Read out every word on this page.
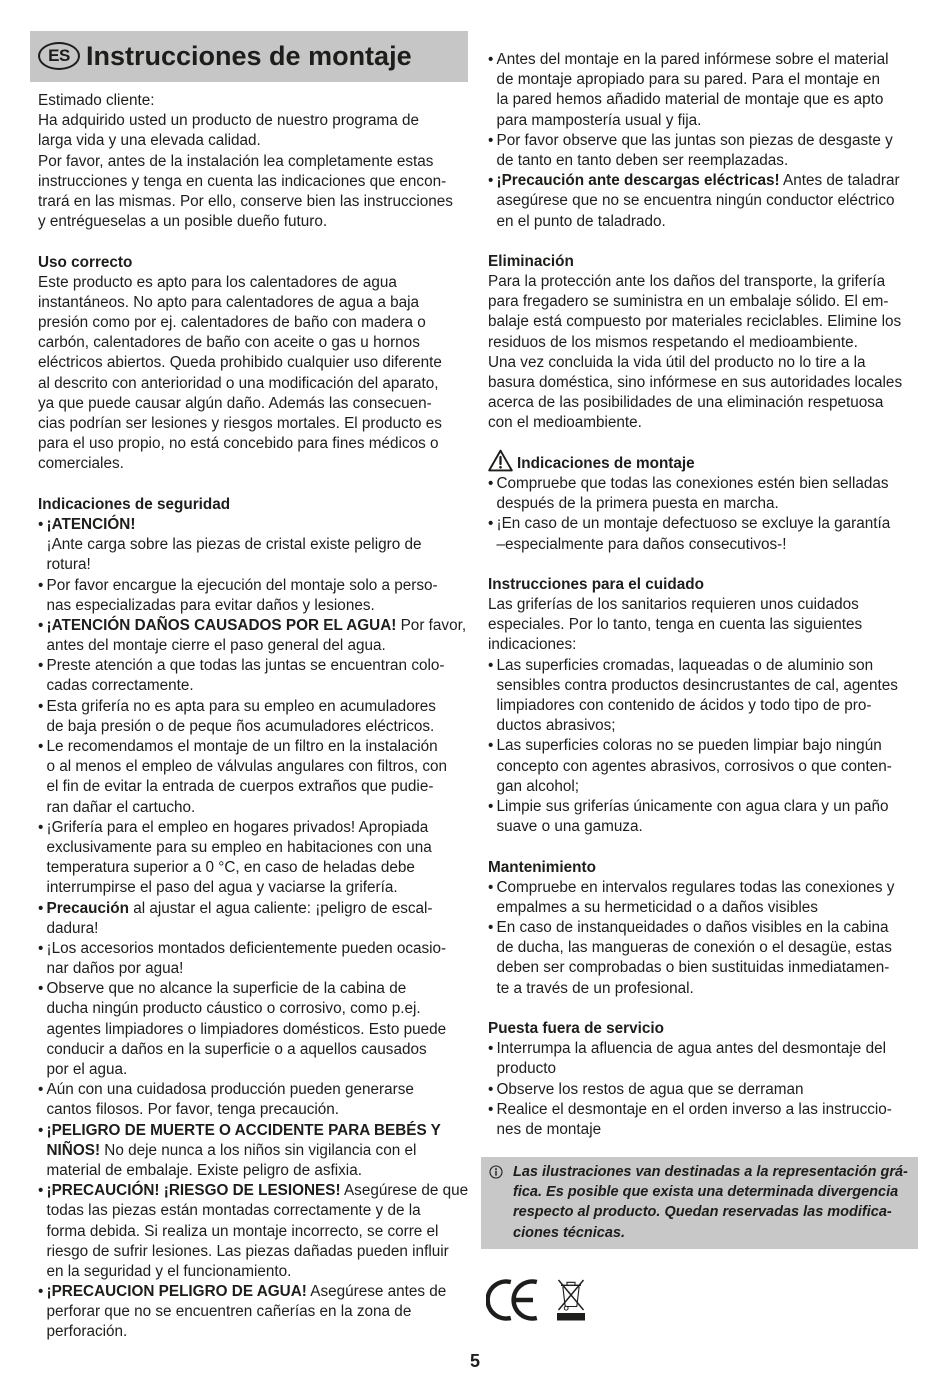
ES Instrucciones de montaje
Estimado cliente:
Ha adquirido usted un producto de nuestro programa de
larga vida y una elevada calidad.
Por favor, antes de la instalación lea completamente estas
instrucciones y tenga en cuenta las indicaciones que encon-
trará en las mismas. Por ello, conserve bien las instrucciones
y entrégueselas a un posible dueño futuro.
Uso correcto
Este producto es apto para los calentadores de agua
instantáneos. No apto para calentadores de agua a baja
presión como por ej. calentadores de baño con madera o
carbón, calentadores de baño con aceite o gas u hornos
eléctricos abiertos. Queda prohibido cualquier uso diferente
al descrito con anterioridad o una modificación del aparato,
ya que puede causar algún daño. Además las consecuen-
cias podrían ser lesiones y riesgos mortales. El producto es
para el uso propio, no está concebido para fines médicos o
comerciales.
Indicaciones de seguridad
• ¡ATENCIÓN!
¡Ante carga sobre las piezas de cristal existe peligro de
rotura!
• Por favor encargue la ejecución del montaje solo a perso-
nas especializadas para evitar daños y lesiones.
• ¡ATENCIÓN DAÑOS CAUSADOS POR EL AGUA! Por favor,
antes del montaje cierre el paso general del agua.
• Preste atención a que todas las juntas se encuentran colo-
cadas correctamente.
• Esta grifería no es apta para su empleo en acumuladores
de baja presión o de peque ños acumuladores eléctricos.
• Le recomendamos el montaje de un filtro en la instalación
o al menos el empleo de válvulas angulares con filtros, con
el fin de evitar la entrada de cuerpos extraños que pudie-
ran dañar el cartucho.
• ¡Grifería para el empleo en hogares privados! Apropiada
exclusivamente para su empleo en habitaciones con una
temperatura superior a 0 °C, en caso de heladas debe
interrumpirse el paso del agua y vaciarse la grifería.
• Precaución al ajustar el agua caliente: ¡peligro de escal-
dadura!
• ¡Los accesorios montados deficientemente pueden ocasio-
nar daños por agua!
• Observe que no alcance la superficie de la cabina de
ducha ningún producto cáustico o corrosivo, como p.ej.
agentes limpiadores o limpiadores domésticos. Esto puede
conducir a daños en la superficie o a aquellos causados
por el agua.
• Aún con una cuidadosa producción pueden generarse
cantos filosos. Por favor, tenga precaución.
• ¡PELIGRO DE MUERTE O ACCIDENTE PARA BEBÉS Y
NIÑOS! No deje nunca a los niños sin vigilancia con el
material de embalaje. Existe peligro de asfixia.
• ¡PRECAUCIÓN! ¡RIESGO DE LESIONES! Asegúrese de que
todas las piezas están montadas correctamente y de la
forma debida. Si realiza un montaje incorrecto, se corre el
riesgo de sufrir lesiones. Las piezas dañadas pueden influir
en la seguridad y el funcionamiento.
• ¡PRECAUCION PELIGRO DE AGUA! Asegúrese antes de
perforar que no se encuentren cañerías en la zona de
perforación.
• Antes del montaje en la pared infórmese sobre el material
de montaje apropiado para su pared. Para el montaje en
la pared hemos añadido material de montaje que es apto
para mampostería usual y fija.
• Por favor observe que las juntas son piezas de desgaste y
de tanto en tanto deben ser reemplazadas.
• ¡Precaución ante descargas eléctricas! Antes de taladrar
asegúrese que no se encuentra ningún conductor eléctrico
en el punto de taladrado.
Eliminación
Para la protección ante los daños del transporte, la grifería
para fregadero se suministra en un embalaje sólido. El em-
balaje está compuesto por materiales reciclables. Elimine los
residuos de los mismos respetando el medioambiente.
Una vez concluida la vida útil del producto no lo tire a la
basura doméstica, sino infórmese en sus autoridades locales
acerca de las posibilidades de una eliminación respetuosa
con el medioambiente.
Indicaciones de montaje
• Compruebe que todas las conexiones estén bien selladas
después de la primera puesta en marcha.
• ¡En caso de un montaje defectuoso se excluye la garantía
–especialmente para daños consecutivos-!
Instrucciones para el cuidado
Las griferías de los sanitarios requieren unos cuidados
especiales. Por lo tanto, tenga en cuenta las siguientes
indicaciones:
• Las superficies cromadas, laqueadas o de aluminio son
sensibles contra productos desincrustantes de cal, agentes
limpiadores con contenido de ácidos y todo tipo de pro-
ductos abrasivos;
• Las superficies coloras no se pueden limpiar bajo ningún
concepto con agentes abrasivos, corrosivos o que conten-
gan alcohol;
• Limpie sus griferías únicamente con agua clara y un paño
suave o una gamuza.
Mantenimiento
• Compruebe en intervalos regulares todas las conexiones y
empalmes a su hermeticidad o a daños visibles
• En caso de instanqueidades o daños visibles en la cabina
de ducha, las mangueras de conexión o el desagüe, estas
deben ser comprobadas o bien sustituidas inmediatamen-
te a través de un profesional.
Puesta fuera de servicio
• Interrumpa la afluencia de agua antes del desmontaje del
producto
• Observe los restos de agua que se derraman
• Realice el desmontaje en el orden inverso a las instruccio-
nes de montaje
Las ilustraciones van destinadas a la representación grá-
fica. Es posible que exista una determinada divergencia
respecto al producto. Quedan reservadas las modifica-
ciones técnicas.
5
